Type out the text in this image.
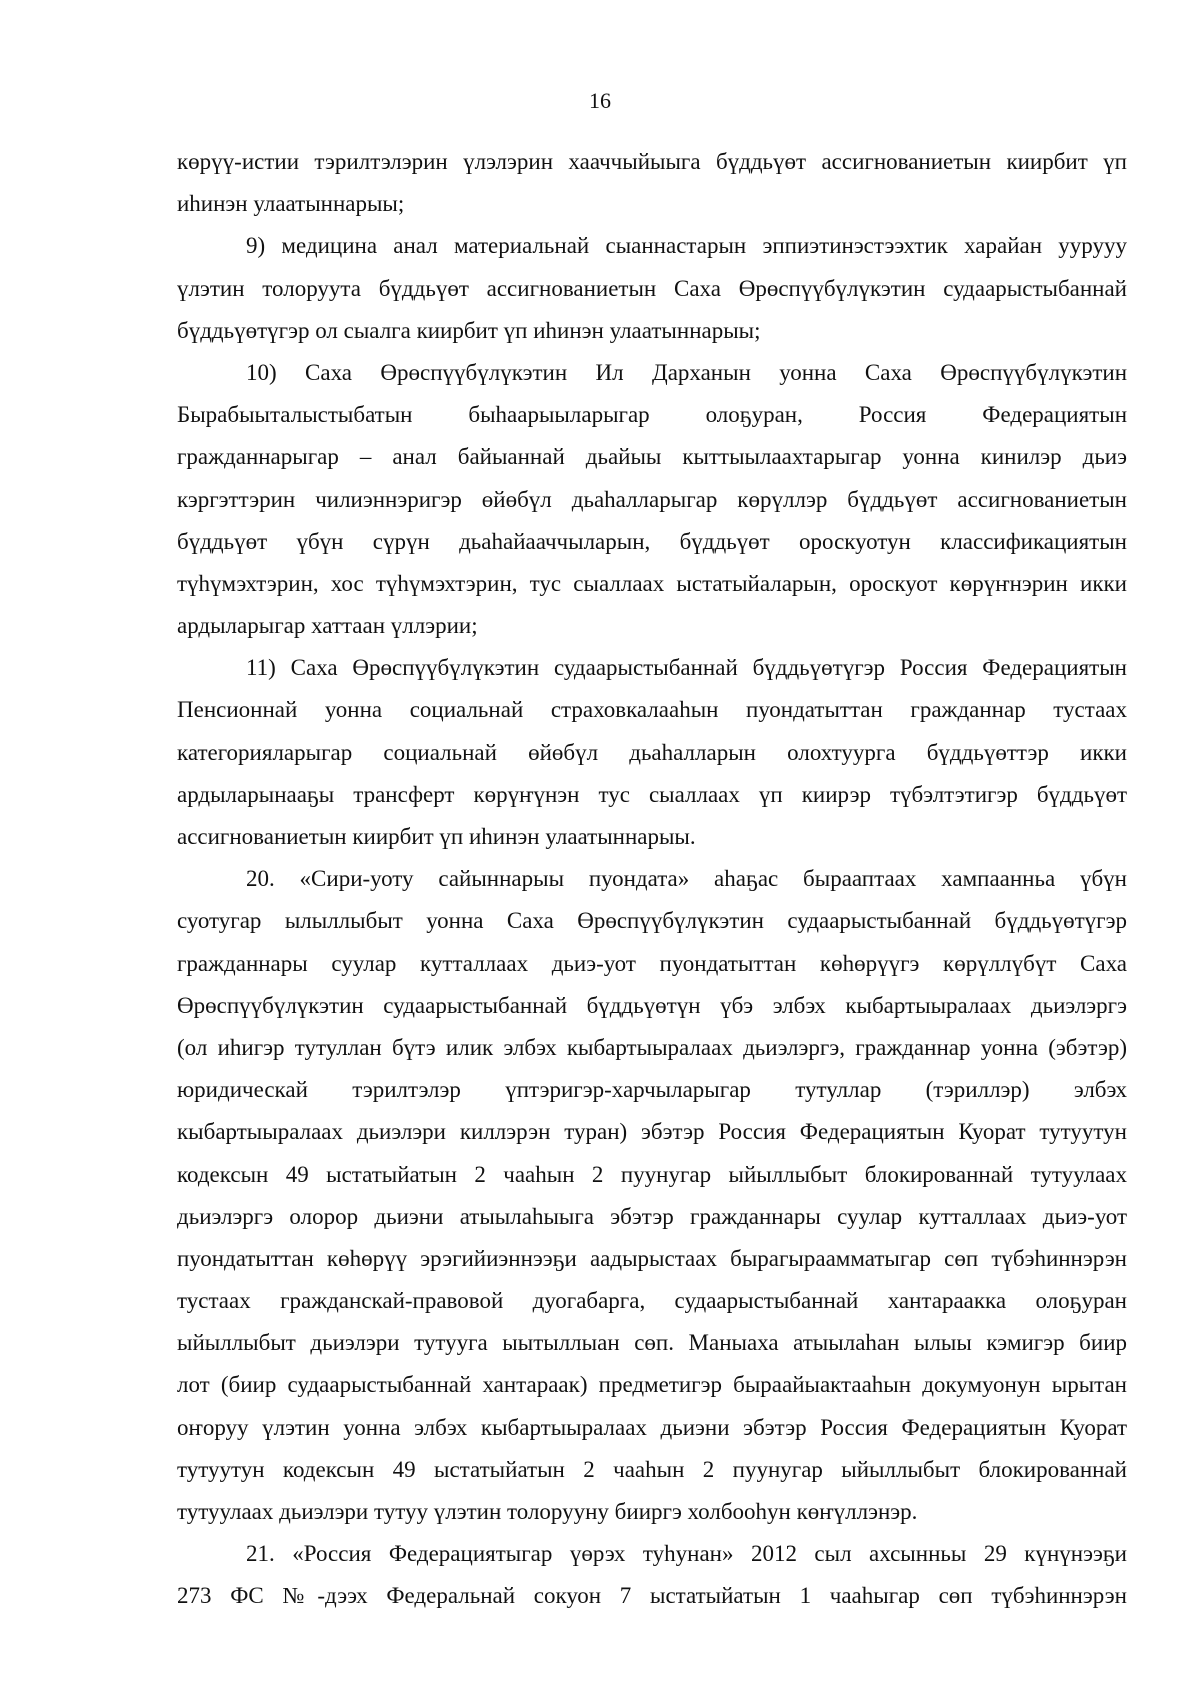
16
көрүү-истии тэрилтэлэрин үлэлэрин хааччыйыыга бүддьүөт ассигнованиетын киирбит үп
иһинэн улаатыннарыы;
9) медицина анал материальнай сыаннастарын эппиэтинэстээхтик харайан уурууу
үлэтин толоруута бүддьүөт ассигнованиетын Саха Өрөспүүбүлүкэтин судаарыстыбаннай
бүддьүөтүгэр ол сыалга киирбит үп иһинэн улаатыннарыы;
10) Саха Өрөспүүбүлүкэтин Ил Дарханын уонна Саха Өрөспүүбүлүкэтин
Бырабыыталыстыбатын быһаарыыларыгар олоҕуран, Россия Федерациятын
гражданнарыгар – анал байыаннай дьайыы кыттыылаахтарыгар уонна кинилэр дьиэ
кэргэттэрин чилиэннэригэр өйөбүл дьаһалларыгар көрүллэр бүддьүөт ассигнованиетын
бүддьүөт үбүн сүрүн дьаһайааччыларын, бүддьүөт ороскуотун классификациятын
түһүмэхтэрин, хос түһүмэхтэрин, тус сыаллаах ыстатыйаларын, ороскуот көрүҥнэрин икки
ардыларыгар хаттаан үллэрии;
11) Саха Өрөспүүбүлүкэтин судаарыстыбаннай бүддьүөтүгэр Россия Федерациятын
Пенсионнай уонна социальнай страховкалааһын пуондатыттан гражданнар тустаах
категорияларыгар социальнай өйөбүл дьаһалларын олохтуурга бүддьүөттэр икки
ардыларынааҕы трансферт көрүҥүнэн тус сыаллаах үп киирэр түбэлтэтигэр бүддьүөт
ассигнованиетын киирбит үп иһинэн улаатыннарыы.
20. «Сири-уоту сайыннарыы пуондата» аһаҕас бырааптаах хампаанньа үбүн
суотугар ылыллыбыт уонна Саха Өрөспүүбүлүкэтин судаарыстыбаннай бүддьүөтүгэр
гражданнары суулар кутталлаах дьиэ-уот пуондатыттан көһөрүүгэ көрүллүбүт Саха
Өрөспүүбүлүкэтин судаарыстыбаннай бүддьүөтүн үбэ элбэх кыбартыыралаах дьиэлэргэ
(ол иһигэр тутуллан бүтэ илик элбэх кыбартыыралаах дьиэлэргэ, гражданнар уонна (эбэтэр)
юридическай тэрилтэлэр үптэригэр-харчыларыгар тутуллар (тэриллэр) элбэх
кыбартыыралаах дьиэлэри киллэрэн туран) эбэтэр Россия Федерациятын Куорат тутуутун
кодексын 49 ыстатыйатын 2 чааһын 2 пуунугар ыйыллыбыт блокированнай тутуулаах
дьиэлэргэ олорор дьиэни атыылаһыыга эбэтэр гражданнары суулар кутталлаах дьиэ-уот
пуондатыттан көһөрүү эрэгийиэннээҕи аадырыстаах бырагыраамматыгар сөп түбэһиннэрэн
тустаах гражданскай-правовой дуогабарга, судаарыстыбаннай хантараакка олоҕуран
ыйыллыбыт дьиэлэри тутууга ыытыллыан сөп. Маныаха атыылаһан ылыы кэмигэр биир
лот (биир судаарыстыбаннай хантараак) предметигэр быраайыактааһын докумуонун ырытан
оҥоруу үлэтин уонна элбэх кыбартыыралаах дьиэни эбэтэр Россия Федерациятын Куорат
тутуутун кодексын 49 ыстатыйатын 2 чааһын 2 пуунугар ыйыллыбыт блокированнай
тутуулаах дьиэлэри тутуу үлэтин толорууну бииргэ холбооһун көҥүллэнэр.
21. «Россия Федерациятыгар үөрэх туһунан» 2012 сыл ахсынньы 29 күнүнээҕи
273 ФС №-дээх Федеральнай сокуон 7 ыстатыйатын 1 чааһыгар сөп түбэһиннэрэн
